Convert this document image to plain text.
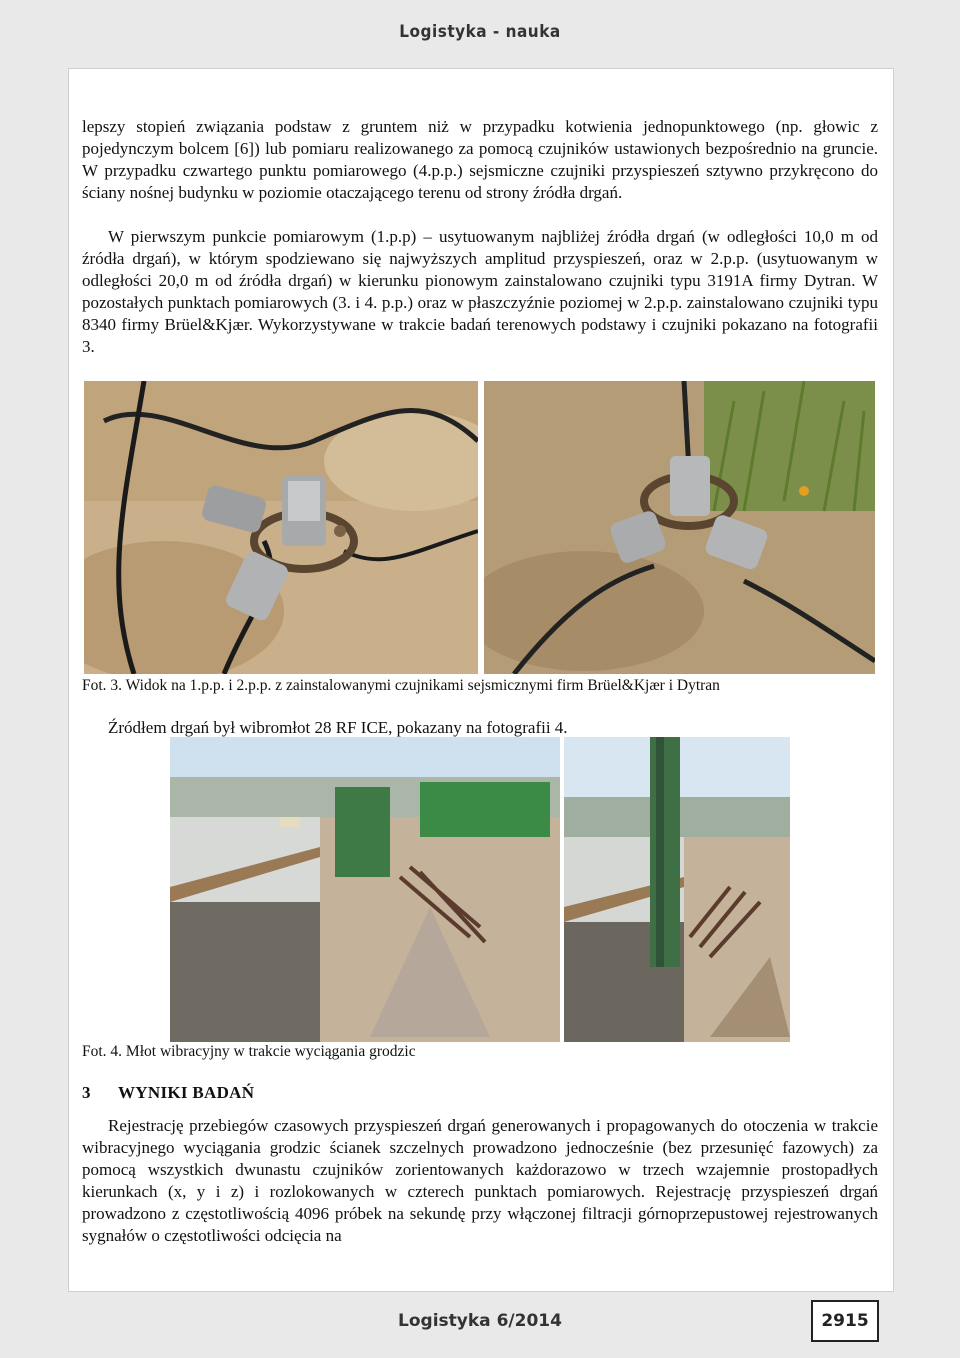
Logistyka - nauka

lepszy stopień związania podstaw z gruntem niż w przypadku kotwienia jednopunktowego (np. głowic z pojedynczym bolcem [6]) lub pomiaru realizowanego za pomocą czujników ustawionych bezpośrednio na gruncie. W przypadku czwartego punktu pomiarowego (4.p.p.) sejsmiczne czujniki przyspieszeń sztywno przykręcono do ściany nośnej budynku w poziomie otaczającego terenu od strony źródła drgań.

W pierwszym punkcie pomiarowym (1.p.p) – usytuowanym najbliżej źródła drgań (w odległości 10,0 m od źródła drgań), w którym spodziewano się najwyższych amplitud przyspieszeń, oraz w 2.p.p. (usytuowanym w odległości 20,0 m od źródła drgań) w kierunku pionowym zainstalowano czujniki typu 3191A firmy Dytran. W pozostałych punktach pomiarowych (3. i 4. p.p.) oraz w płaszczyźnie poziomej w 2.p.p. zainstalowano czujniki typu 8340 firmy Brüel&Kjær. Wykorzystywane w trakcie badań terenowych podstawy i czujniki pokazano na fotografii 3.

Fot. 3. Widok na 1.p.p. i 2.p.p. z zainstalowanymi czujnikami sejsmicznymi firm Brüel&Kjær i Dytran

Źródłem drgań był wibromłot 28 RF ICE, pokazany na fotografii 4.

Fot. 4. Młot wibracyjny w trakcie wyciągania grodzic
3 WYNIKI BADAŃ

Rejestrację przebiegów czasowych przyspieszeń drgań generowanych i propagowanych do otoczenia w trakcie wibracyjnego wyciągania grodzic ścianek szczelnych prowadzono jednocześnie (bez przesunięć fazowych) za pomocą wszystkich dwunastu czujników zorientowanych każdorazowo w trzech wzajemnie prostopadłych kierunkach (x, y i z) i rozlokowanych w czterech punktach pomiarowych. Rejestrację przyspieszeń drgań prowadzono z częstotliwością 4096 próbek na sekundę przy włączonej filtracji górnoprzepustowej rejestrowanych sygnałów o częstotliwości odcięcia na

Logistyka 6/2014	2915
